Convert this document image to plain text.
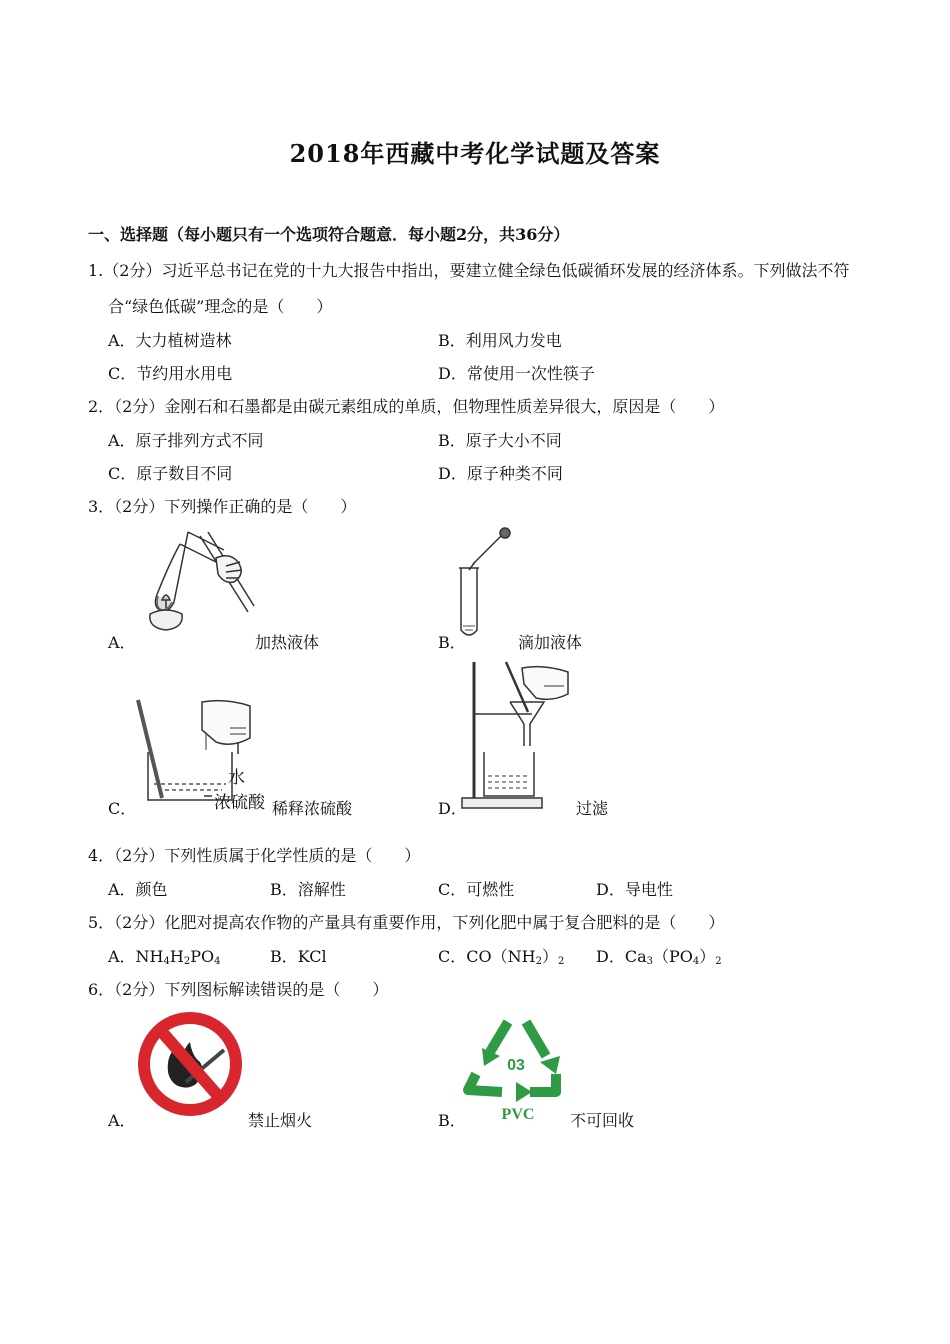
2018年西藏中考化学试题及答案
一、选择题（每小题只有一个选项符合题意．每小题2分，共36分）
1.（2分）习近平总书记在党的十九大报告中指出，要建立健全绿色低碳循环发展的经济体系。下列做法不符
合“绿色低碳”理念的是（　　）
A．大力植树造林	B．利用风力发电
C．节约用水用电	D．常使用一次性筷子
2．（2分）金刚石和石墨都是由碳元素组成的单质，但物理性质差异很大，原因是（　　）
A．原子排列方式不同	B．原子大小不同
C．原子数目不同	D．原子种类不同
3．（2分）下列操作正确的是（　　）
A．	加热液体	B．	滴加液体
水
浓硫酸
C．	稀释浓硫酸	D．	过滤
4．（2分）下列性质属于化学性质的是（　　）
A．颜色	B．溶解性	C．可燃性	D．导电性
5．（2分）化肥对提高农作物的产量具有重要作用，下列化肥中属于复合肥料的是（　　）
A．$NH_4H_2PO_4$	B．KCl	C．$CO(NH_2)_2$ D．$Ca_3(PO_4)_2$
6．（2分）下列图标解读错误的是（　　）
A．	禁止烟火
03
PVC
B．	不可回收
